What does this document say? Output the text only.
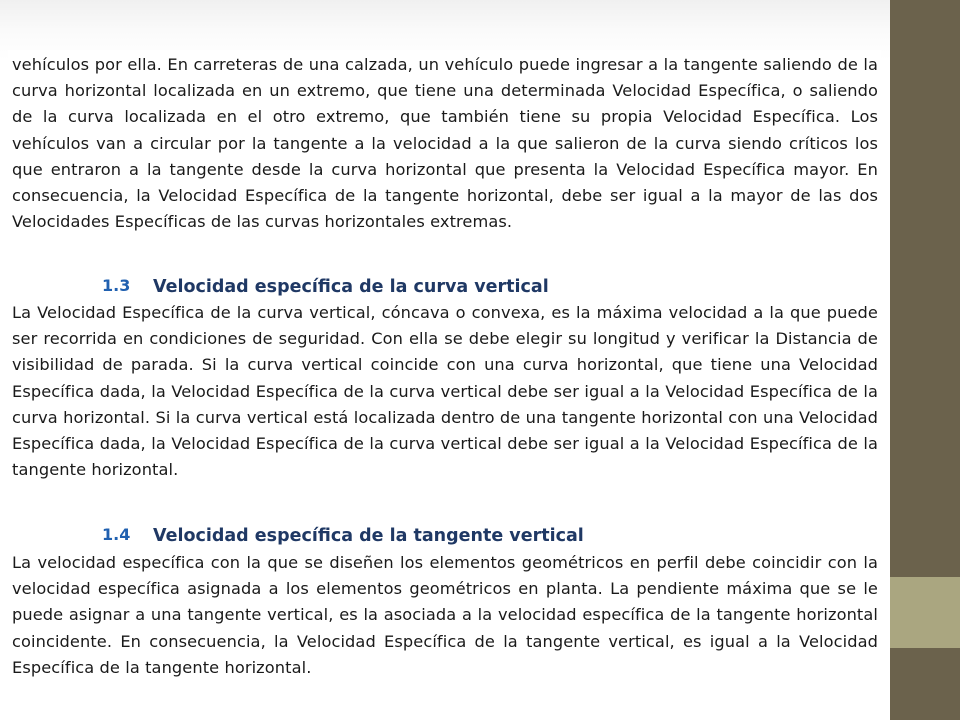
vehículos por ella. En carreteras de una calzada, un vehículo puede ingresar a la tangente saliendo de la curva horizontal localizada en un extremo, que tiene una determinada Velocidad Específica, o saliendo de la curva localizada en el otro extremo, que también tiene su propia Velocidad Específica. Los vehículos van a circular por la tangente a la velocidad a la que salieron de la curva siendo críticos los que entraron a la tangente desde la curva horizontal que presenta la Velocidad Específica mayor. En consecuencia, la Velocidad Específica de la tangente horizontal, debe ser igual a la mayor de las dos Velocidades Específicas de las curvas horizontales extremas.

1.3 Velocidad específica de la curva vertical

La Velocidad Específica de la curva vertical, cóncava o convexa, es la máxima velocidad a la que puede ser recorrida en condiciones de seguridad. Con ella se debe elegir su longitud y verificar la Distancia de visibilidad de parada. Si la curva vertical coincide con una curva horizontal, que tiene una Velocidad Específica dada, la Velocidad Específica de la curva vertical debe ser igual a la Velocidad Específica de la curva horizontal. Si la curva vertical está localizada dentro de una tangente horizontal con una Velocidad Específica dada, la Velocidad Específica de la curva vertical debe ser igual a la Velocidad Específica de la tangente horizontal.

1.4 Velocidad específica de la tangente vertical

La velocidad específica con la que se diseñen los elementos geométricos en perfil debe coincidir con la velocidad específica asignada a los elementos geométricos en planta. La pendiente máxima que se le puede asignar a una tangente vertical, es la asociada a la velocidad específica de la tangente horizontal coincidente. En consecuencia, la Velocidad Específica de la tangente vertical, es igual a la Velocidad Específica de la tangente horizontal.
